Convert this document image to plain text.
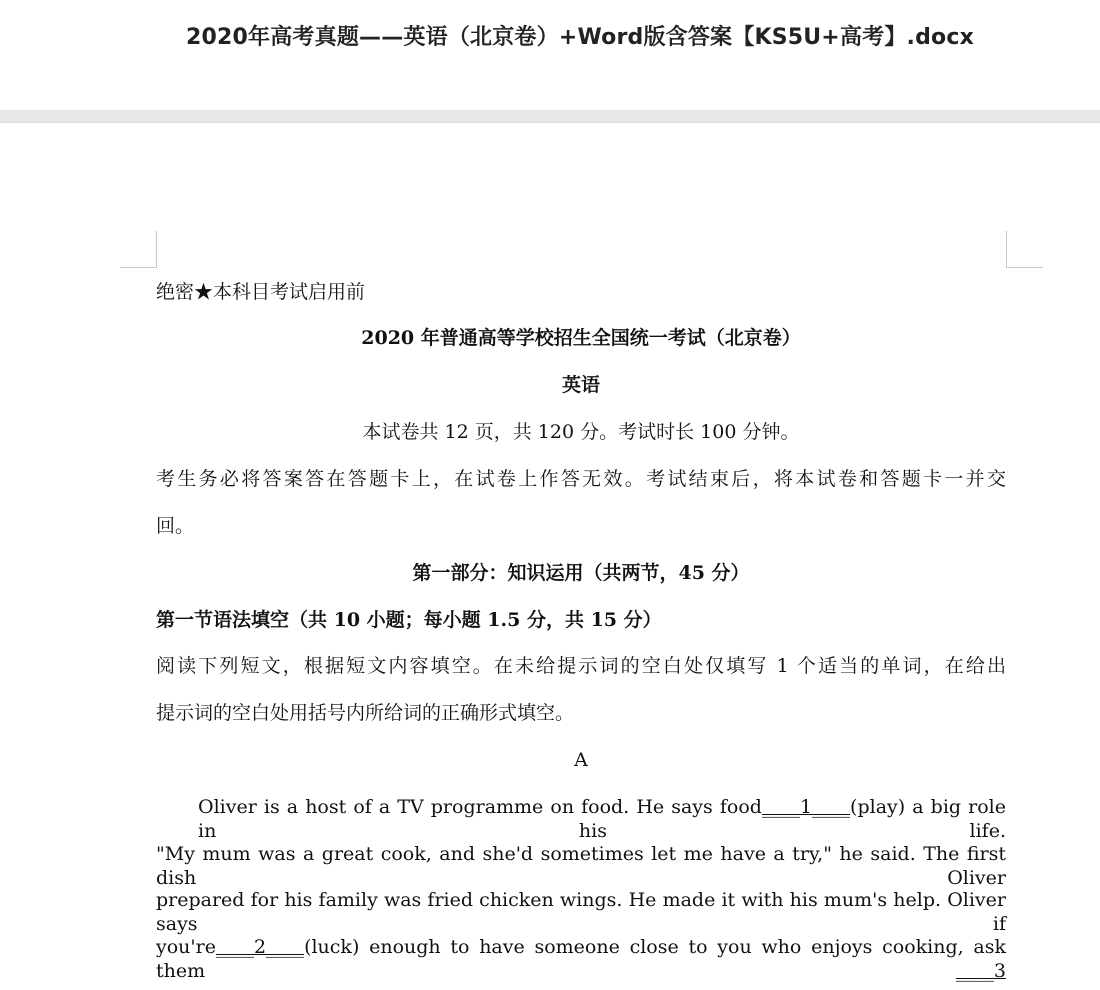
2020年高考真题——英语（北京卷）+Word版含答案【KS5U+高考】.docx
绝密★本科目考试启用前
2020 年普通高等学校招生全国统一考试（北京卷）
英语
本试卷共 12 页，共 120 分。考试时长 100 分钟。
考生务必将答案答在答题卡上，在试卷上作答无效。考试结束后，将本试卷和答题卡一并交
回。
第一部分：知识运用（共两节，45 分）
第一节语法填空（共 10 小题；每小题 1.5 分，共 15 分）
阅读下列短文，根据短文内容填空。在未给提示词的空白处仅填写 1 个适当的单词，在给出
提示词的空白处用括号内所给词的正确形式填空。
A
Oliver is a host of a TV programme on food. He says food____1____(play) a big role in his life.
"My mum was a great cook, and she'd sometimes let me have a try," he said. The first dish Oliver
prepared for his family was fried chicken wings. He made it with his mum's help. Oliver says if
you're____2____(luck) enough to have someone close to you who enjoys cooking, ask them	____3
